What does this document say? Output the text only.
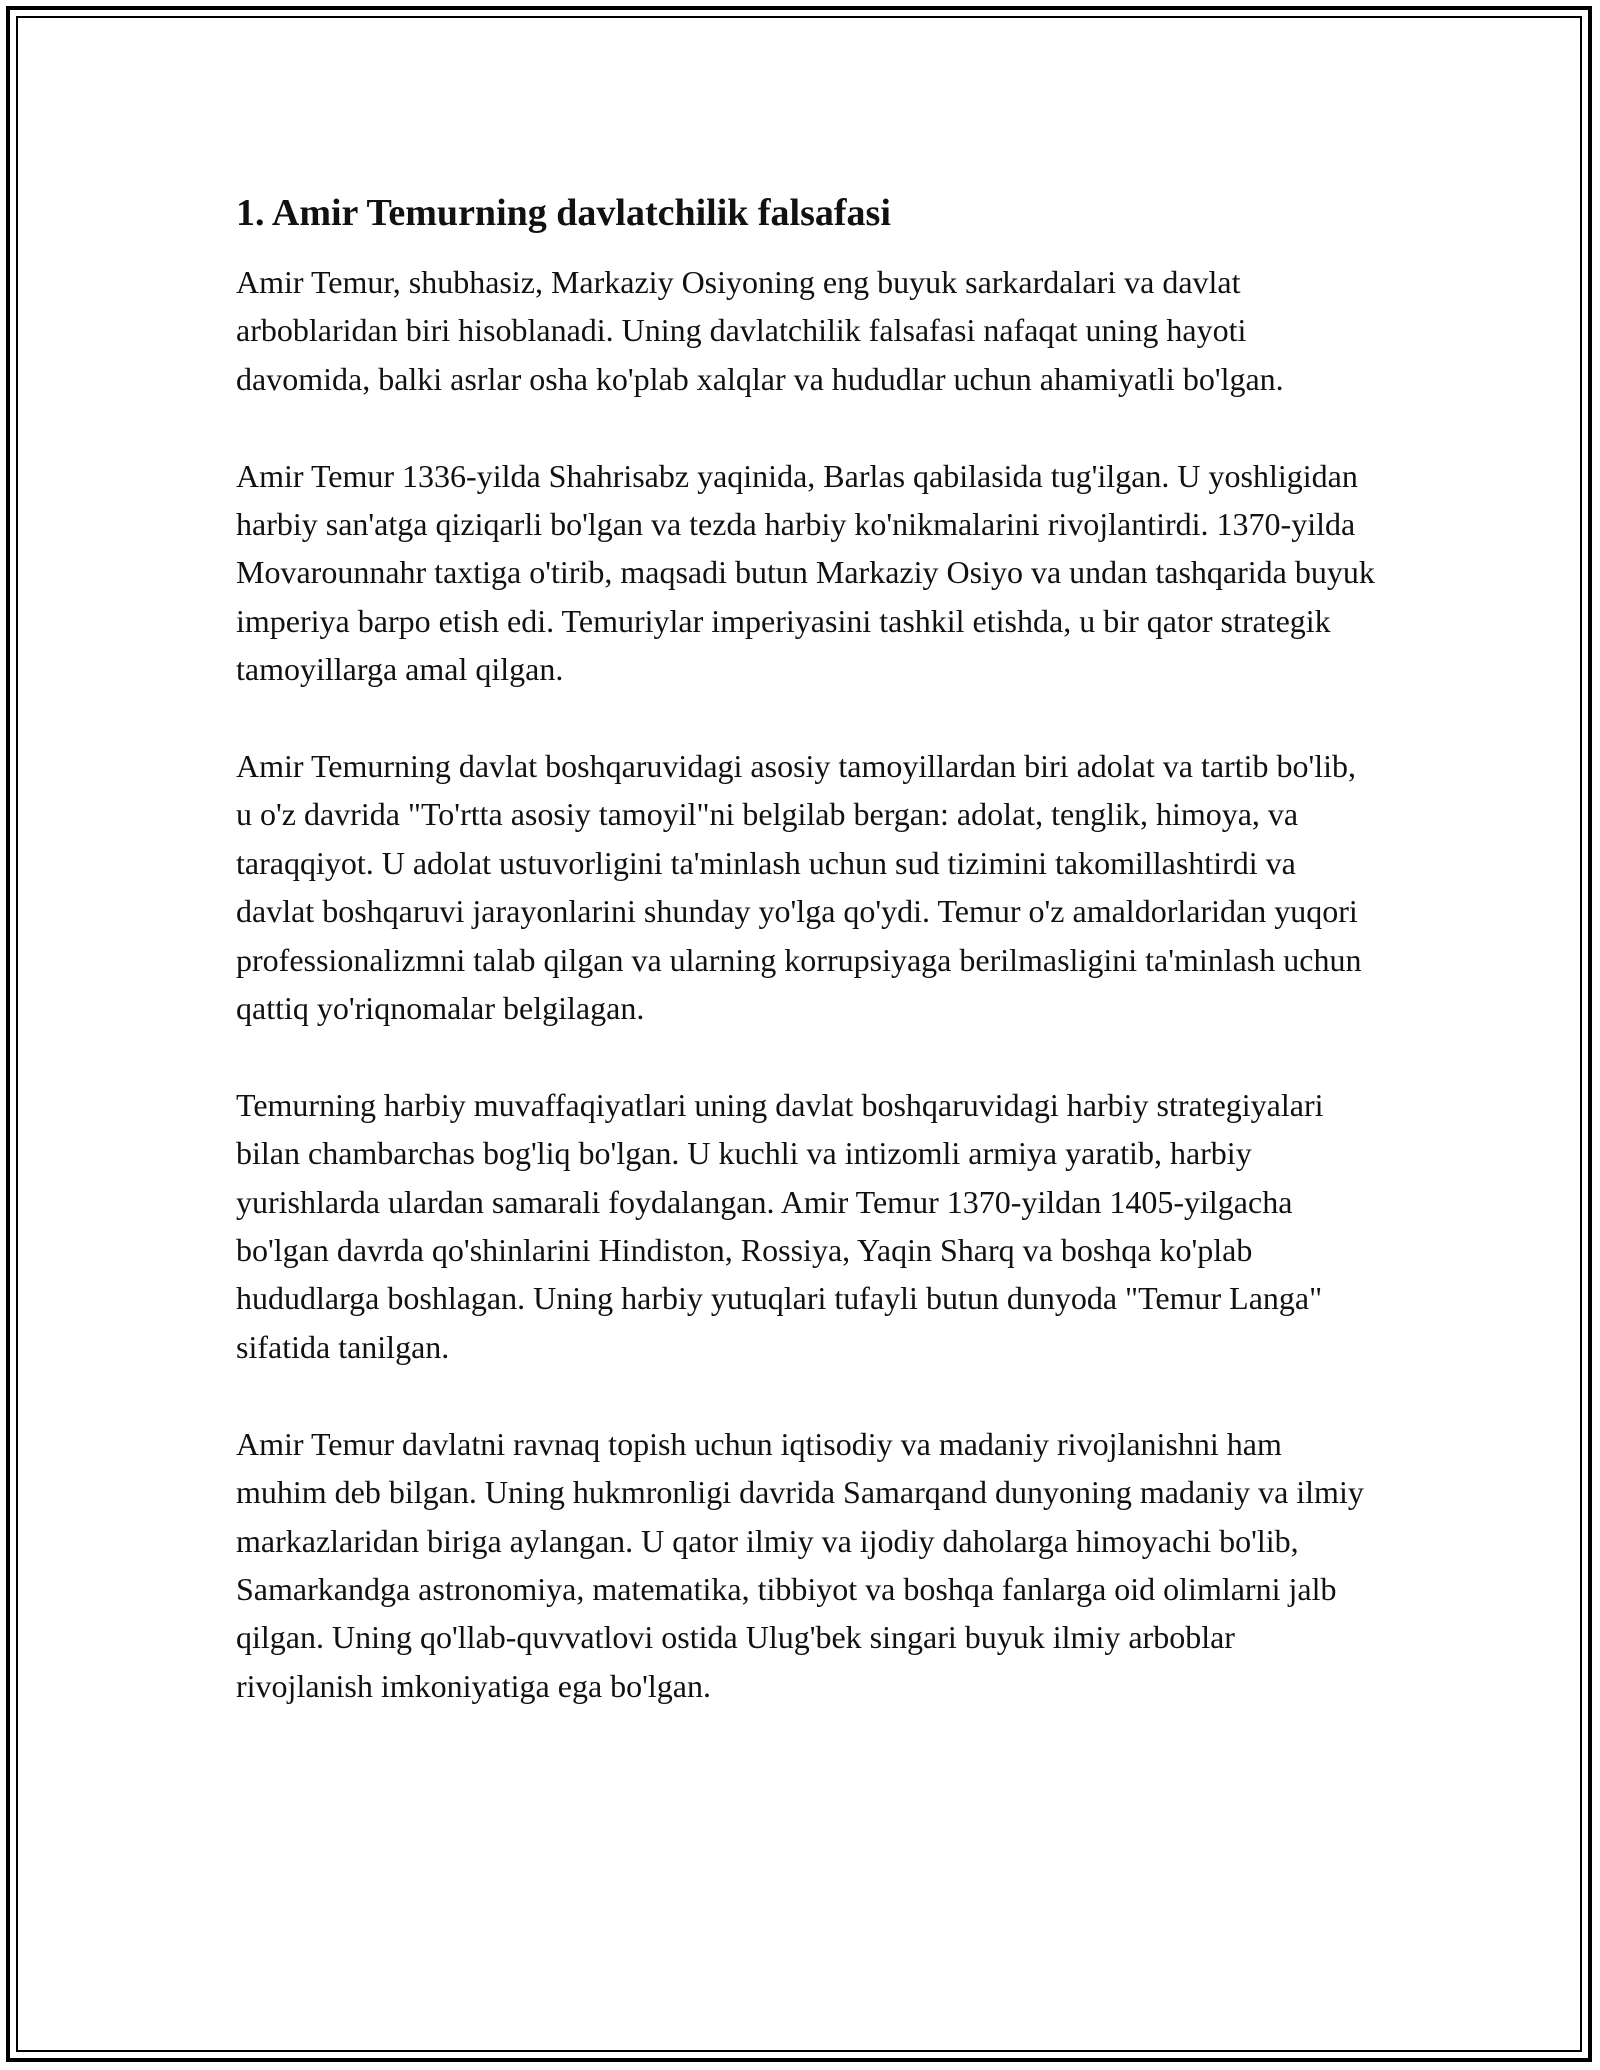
1. Amir Temurning davlatchilik falsafasi

Amir Temur, shubhasiz, Markaziy Osiyoning eng buyuk sarkardalari va davlat arboblaridan biri hisoblanadi. Uning davlatchilik falsafasi nafaqat uning hayoti davomida, balki asrlar osha ko'plab xalqlar va hududlar uchun ahamiyatli bo'lgan.

Amir Temur 1336-yilda Shahrisabz yaqinida, Barlas qabilasida tug'ilgan. U yoshligidan harbiy san'atga qiziqarli bo'lgan va tezda harbiy ko'nikmalarini rivojlantirdi. 1370-yilda Movarounnahr taxtiga o'tirib, maqsadi butun Markaziy Osiyo va undan tashqarida buyuk imperiya barpo etish edi. Temuriylar imperiyasini tashkil etishda, u bir qator strategik tamoyillarga amal qilgan.

Amir Temurning davlat boshqaruvidagi asosiy tamoyillardan biri adolat va tartib bo'lib, u o'z davrida "To'rtta asosiy tamoyil"ni belgilab bergan: adolat, tenglik, himoya, va taraqqiyot. U adolat ustuvorligini ta'minlash uchun sud tizimini takomillashtirdi va davlat boshqaruvi jarayonlarini shunday yo'lga qo'ydi. Temur o'z amaldorlaridan yuqori professionalizmni talab qilgan va ularning korrupsiyaga berilmasligini ta'minlash uchun qattiq yo'riqnomalar belgilagan.

Temurning harbiy muvaffaqiyatlari uning davlat boshqaruvidagi harbiy strategiyalari bilan chambarchas bog'liq bo'lgan. U kuchli va intizomli armiya yaratib, harbiy yurishlarda ulardan samarali foydalangan. Amir Temur 1370-yildan 1405-yilgacha bo'lgan davrda qo'shinlarini Hindiston, Rossiya, Yaqin Sharq va boshqa ko'plab hududlarga boshlagan. Uning harbiy yutuqlari tufayli butun dunyoda "Temur Langa" sifatida tanilgan.

Amir Temur davlatni ravnaq topish uchun iqtisodiy va madaniy rivojlanishni ham muhim deb bilgan. Uning hukmronligi davrida Samarqand dunyoning madaniy va ilmiy markazlaridan biriga aylangan. U qator ilmiy va ijodiy daholarga himoyachi bo'lib, Samarkandga astronomiya, matematika, tibbiyot va boshqa fanlarga oid olimlarni jalb qilgan. Uning qo'llab-quvvatlovi ostida Ulug'bek singari buyuk ilmiy arboblar rivojlanish imkoniyatiga ega bo'lgan.
